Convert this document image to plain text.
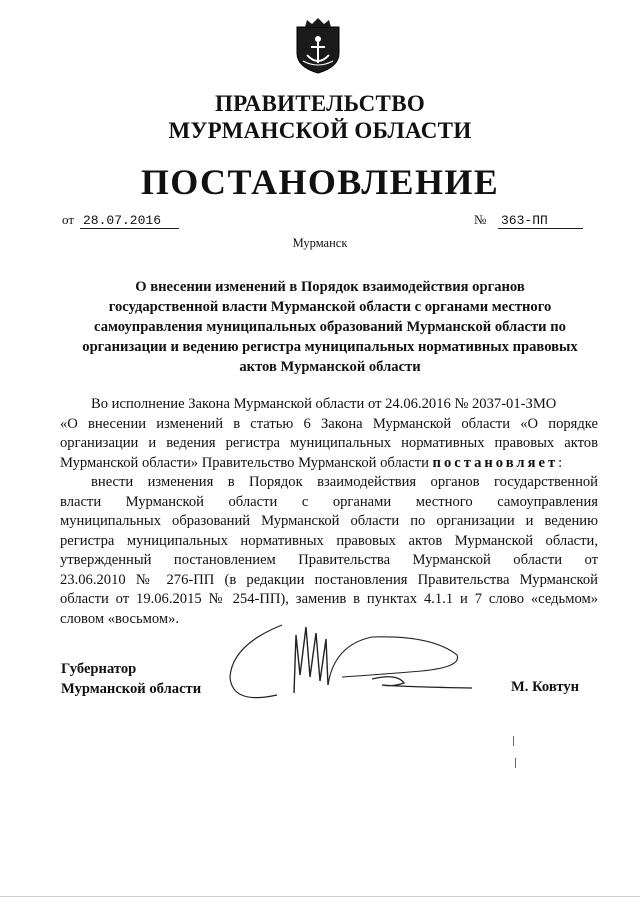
ПРАВИТЕЛЬСТВО
МУРМАНСКОЙ ОБЛАСТИ
ПОСТАНОВЛЕНИЕ
от 28.07.2016	№ 363-ПП
Мурманск
О внесении изменений в Порядок взаимодействия органов
государственной власти Мурманской области с органами местного
самоуправления муниципальных образований Мурманской области по
организации и ведению регистра муниципальных нормативных правовых
актов Мурманской области
Во исполнение Закона Мурманской области от 24.06.2016 № 2037-01-ЗМО
«О внесении изменений в статью 6 Закона Мурманской области «О порядке
организации и ведения регистра муниципальных нормативных правовых актов
Мурманской области» Правительство Мурманской области постановляет:
внести изменения в Порядок взаимодействия органов государственной
власти Мурманской области с органами местного самоуправления
муниципальных образований Мурманской области по организации и ведению
регистра муниципальных нормативных правовых актов Мурманской области,
утвержденный постановлением Правительства Мурманской области от
23.06.2010 № 276-ПП (в редакции постановления Правительства Мурманской
области от 19.06.2015 № 254-ПП), заменив в пунктах 4.1.1 и 7 слово «седьмом»
словом «восьмом».
Губернатор
Мурманской области	М. Ковтун
